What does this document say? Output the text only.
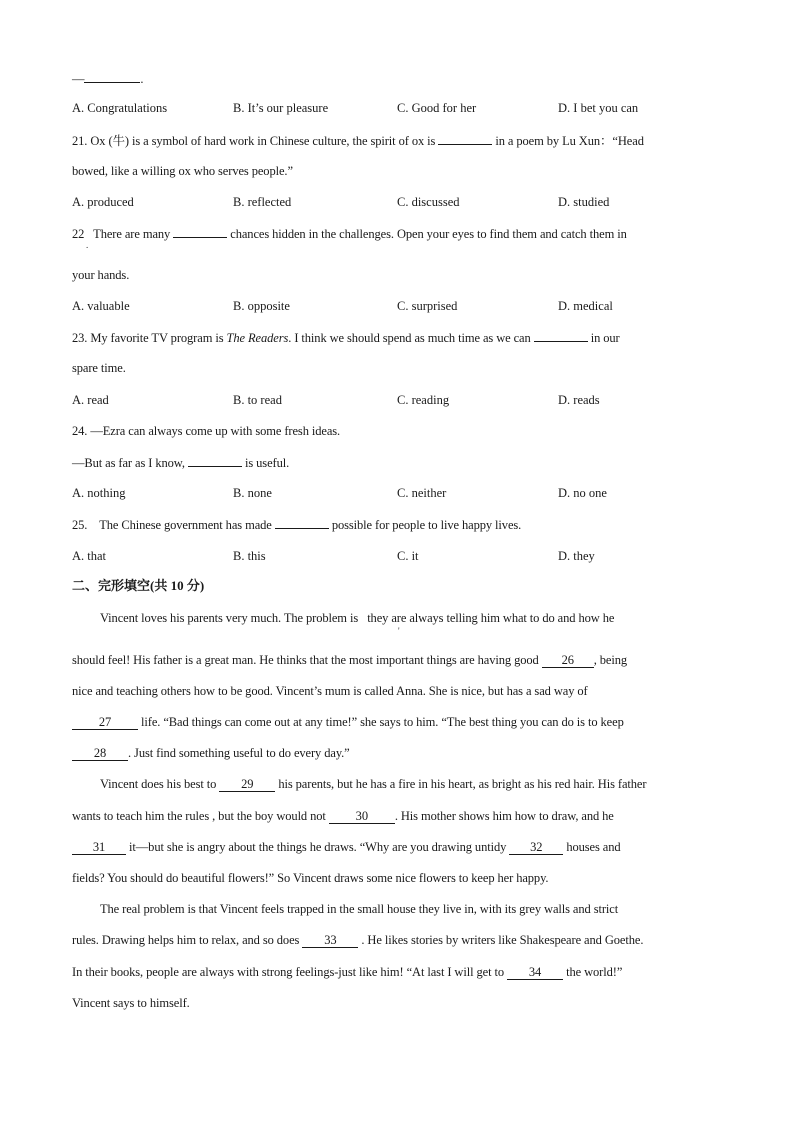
—	.
A. Congratulations	B. It’s our pleasure	C. Good for her	D. I bet you can
21. Ox (牛) is a symbol of hard work in Chinese culture, the spirit of ox is	in a poem by Lu Xun：“Head
bowed, like a willing ox who serves people.”
A. produced	B. reflected	C. discussed	D. studied
22 There are many	chances hidden in the challenges. Open your eyes to find them and catch them in
.
your hands.
A. valuable	B. opposite	C. surprised	D. medical
23. My favorite TV program is The Readers. I think we should spend as much time as we can	in our
spare time.
A. read	B. to read	C. reading	D. reads
24. —Ezra can always come up with some fresh ideas.
—But as far as I know,	is useful.
A. nothing	B. none	C. neither	D. no one
25.    The Chinese government has made	possible for people to live happy lives.
A. that	B. this	C. it	D. they
二、完形填空(共 10 分)
Vincent loves his parents very much. The problem is they are always telling him what to do and how he
'
should feel! His father is a great man. He thinks that the most important things are having good 26 , being
nice and teaching others how to be good. Vincent’s mum is called Anna. She is nice, but has a sad way of
27 life. “Bad things can come out at any time!” she says to him. “The best thing you can do is to keep
28 . Just find something useful to do every day.”
Vincent does his best to 29 his parents, but he has a fire in his heart, as bright as his red hair. His father
wants to teach him the rules , but the boy would not 30 . His mother shows him how to draw, and he
31 it—but she is angry about the things he draws. “Why are you drawing untidy 32 houses and
fields? You should do beautiful flowers!” So Vincent draws some nice flowers to keep her happy.
The real problem is that Vincent feels trapped in the small house they live in, with its grey walls and strict
rules. Drawing helps him to relax, and so does 33 . He likes stories by writers like Shakespeare and Goethe.
In their books, people are always with strong feelings-just like him! “At last I will get to 34 the world!”
Vincent says to himself.
